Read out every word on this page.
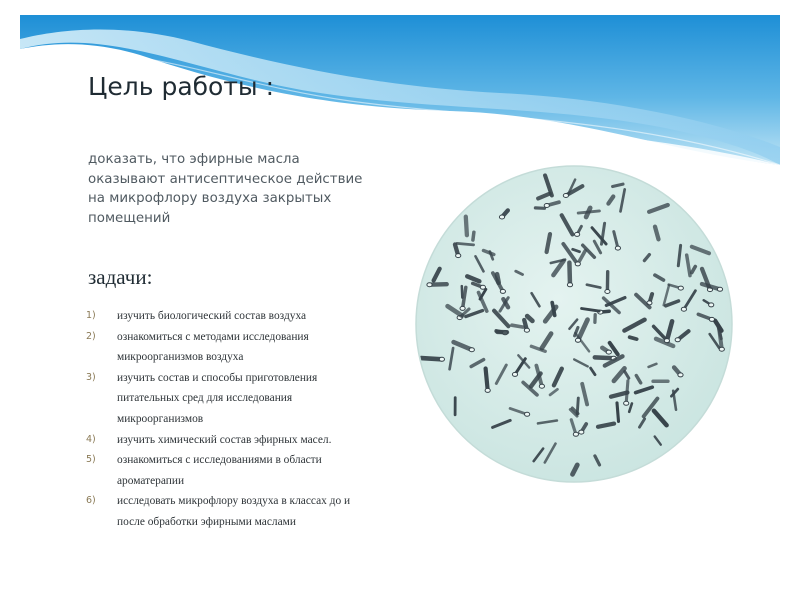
Цель работы :

доказать, что эфирные масла оказывают антисептическое действие на микрофлору воздуха закрытых помещений

задачи:
1) изучить биологический состав воздуха
2) ознакомиться с методами исследования микроорганизмов воздуха
3) изучить состав и способы приготовления питательных сред для исследования микроорганизмов
4) изучить химический состав эфирных масел.
5) ознакомиться с исследованиями в области ароматерапии
6) исследовать микрофлору воздуха в классах до и после обработки эфирными маслами
